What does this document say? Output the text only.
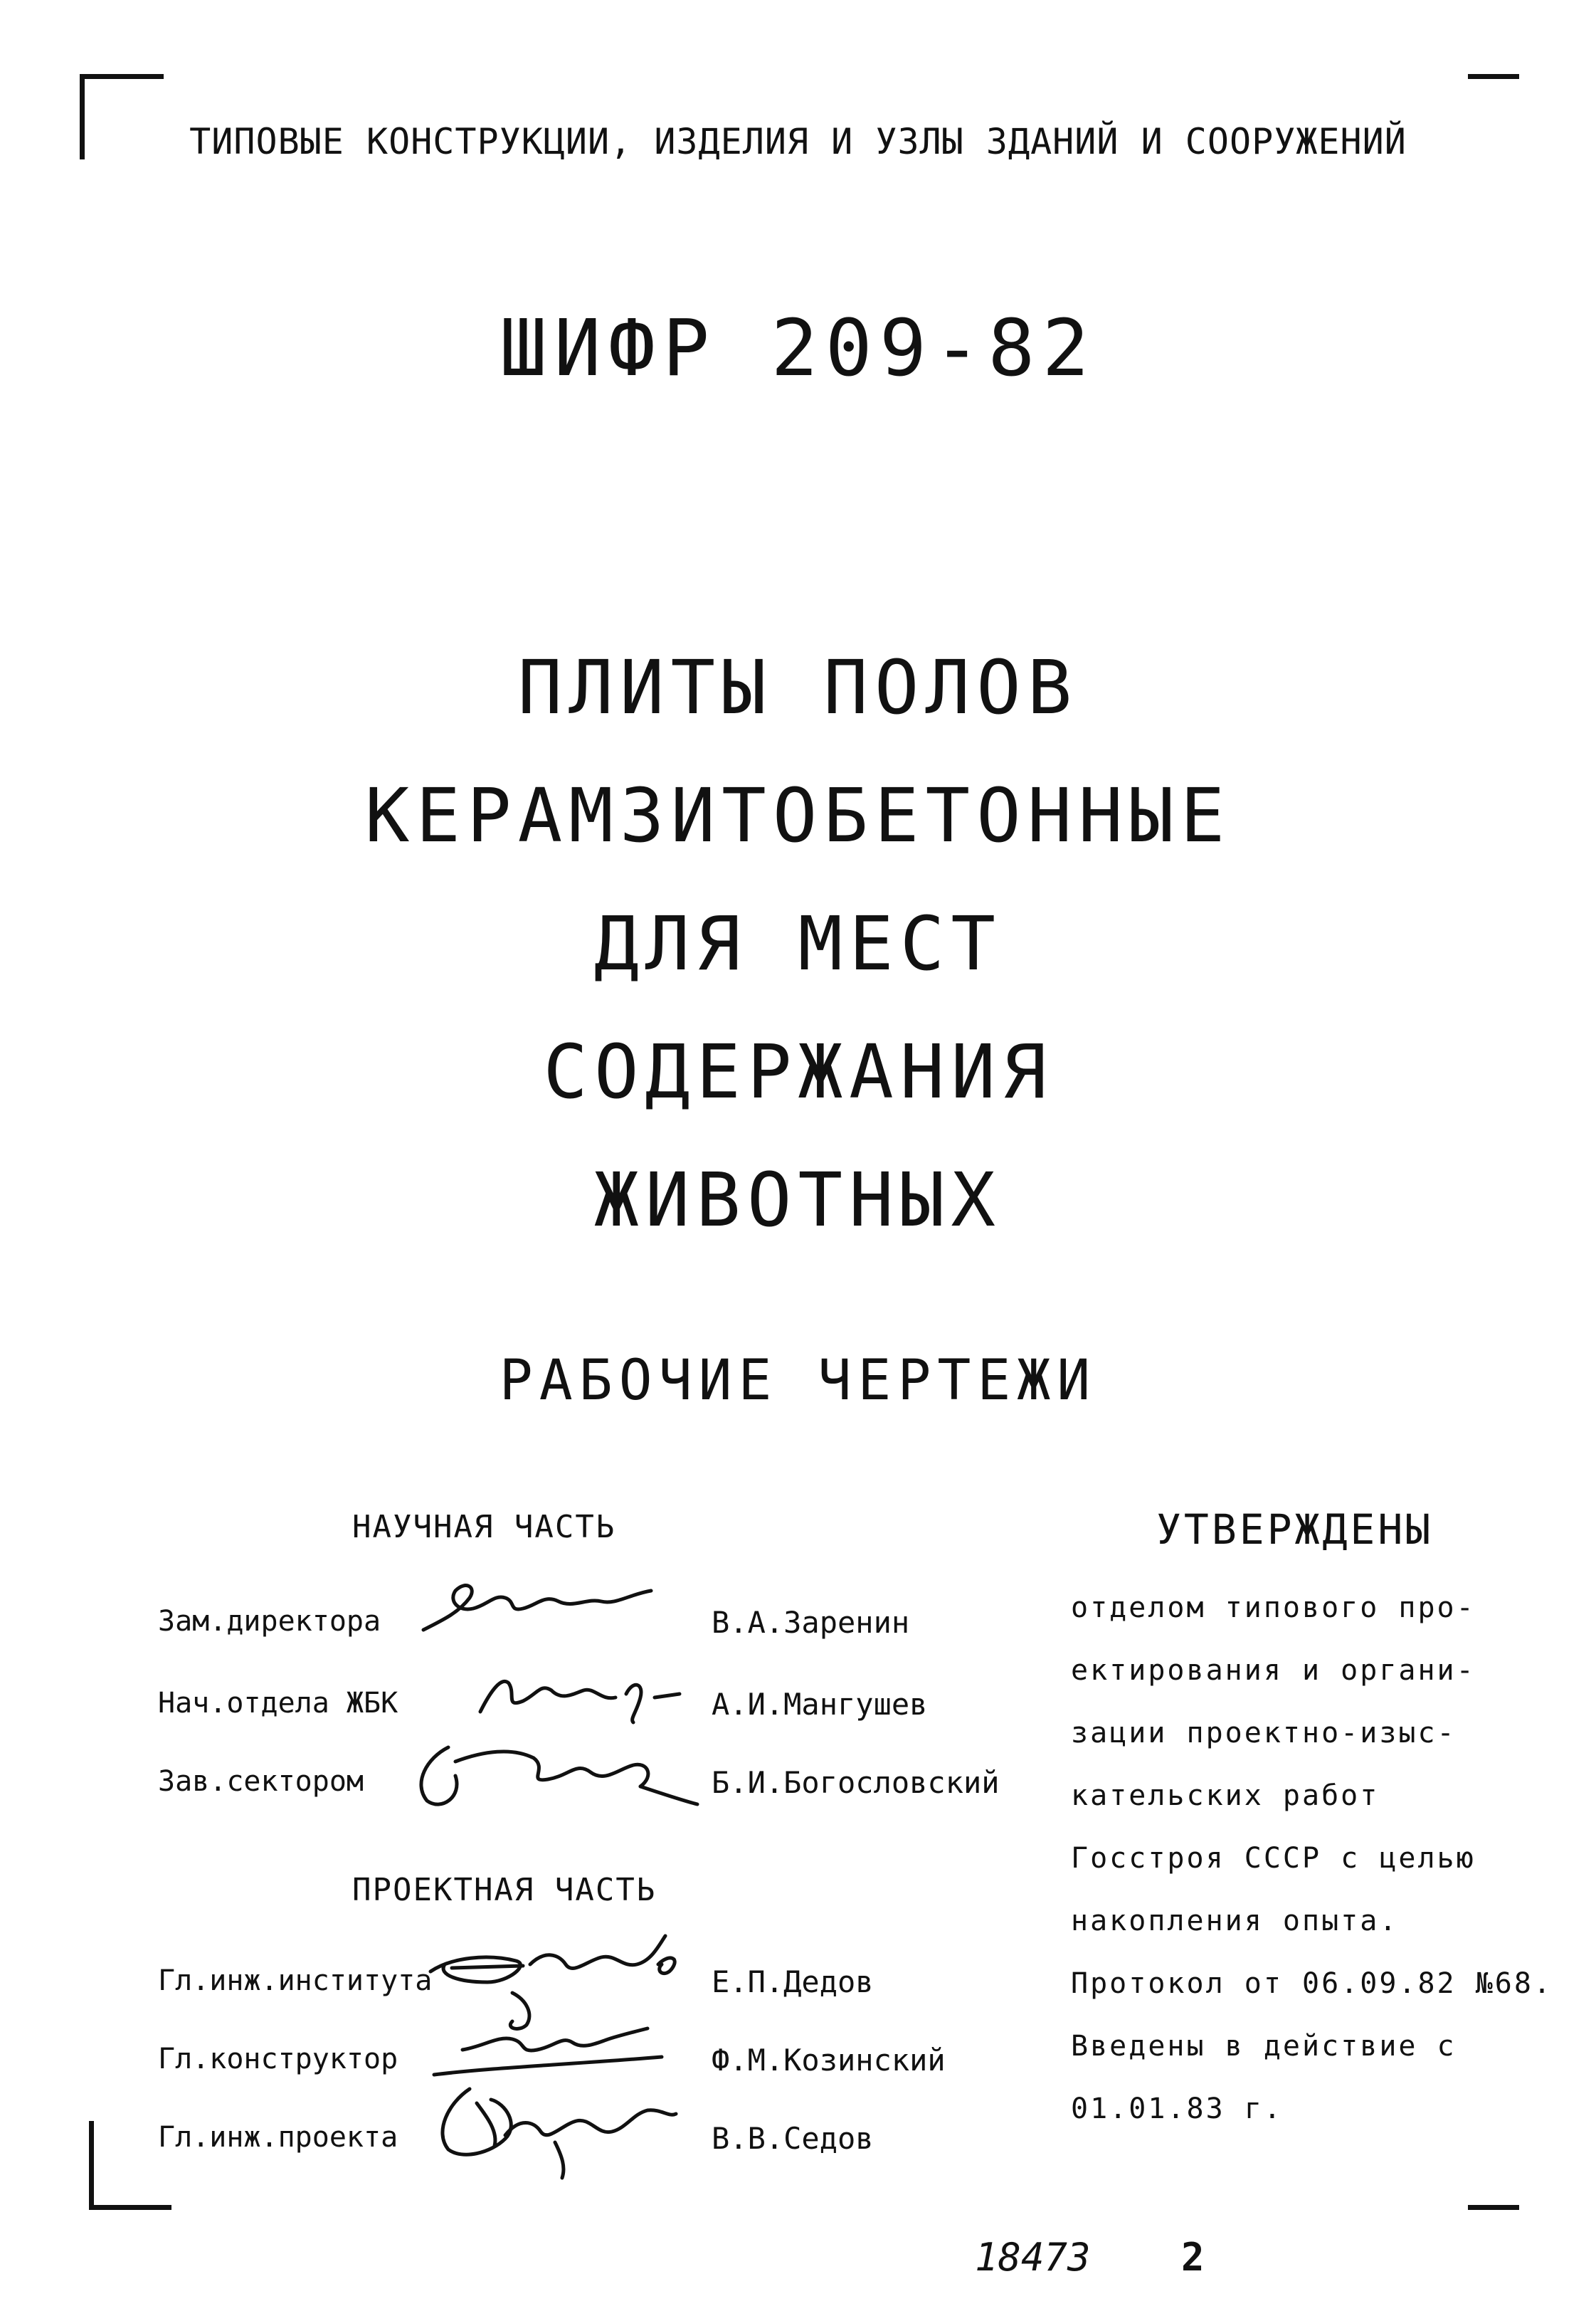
ТИПОВЫЕ КОНСТРУКЦИИ, ИЗДЕЛИЯ И УЗЛЫ ЗДАНИЙ И СООРУЖЕНИЙ
ШИФР 209-82
ПЛИТЫ ПОЛОВ
КЕРАМЗИТОБЕТОННЫЕ
ДЛЯ МЕСТ
СОДЕРЖАНИЯ
ЖИВОТНЫХ
РАБОЧИЕ ЧЕРТЕЖИ
НАУЧНАЯ ЧАСТЬ
Зам.директора	В.А.Заренин
Нач.отдела ЖБК	А.И.Мангушев
Зав.сектором	Б.И.Богословский
ПРОЕКТНАЯ ЧАСТЬ
Гл.инж.института	Е.П.Дедов
Гл.конструктор	Ф.М.Козинский
Гл.инж.проекта	В.В.Седов
УТВЕРЖДЕНЫ
отделом типового про-
ектирования и органи-
зации проектно-изыс-
кательских работ
Госстроя СССР с целью
накопления опыта.
Протокол от 06.09.82 №68.
Введены в действие с
01.01.83 г.
18473 2
